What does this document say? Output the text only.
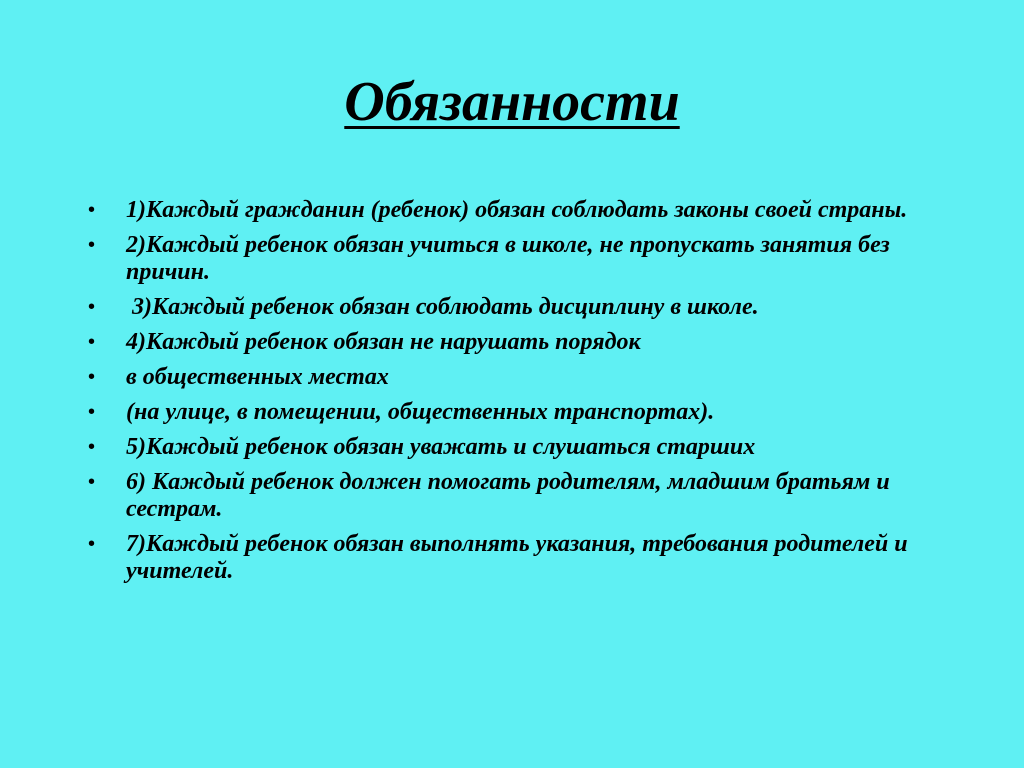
Обязанности
•	1)Каждый гражданин (ребенок) обязан соблюдать законы своей страны.
•	2)Каждый ребенок обязан учиться в школе, не пропускать занятия без причин.
•	3)Каждый ребенок обязан соблюдать дисциплину в школе.
•	4)Каждый ребенок обязан не нарушать порядок
•	в общественных местах
•	(на улице, в помещении, общественных транспортах).
•	5)Каждый ребенок обязан уважать и слушаться старших
•	6) Каждый ребенок должен помогать родителям, младшим братьям и сестрам.
•	7)Каждый ребенок обязан выполнять указания, требования родителей и учителей.
